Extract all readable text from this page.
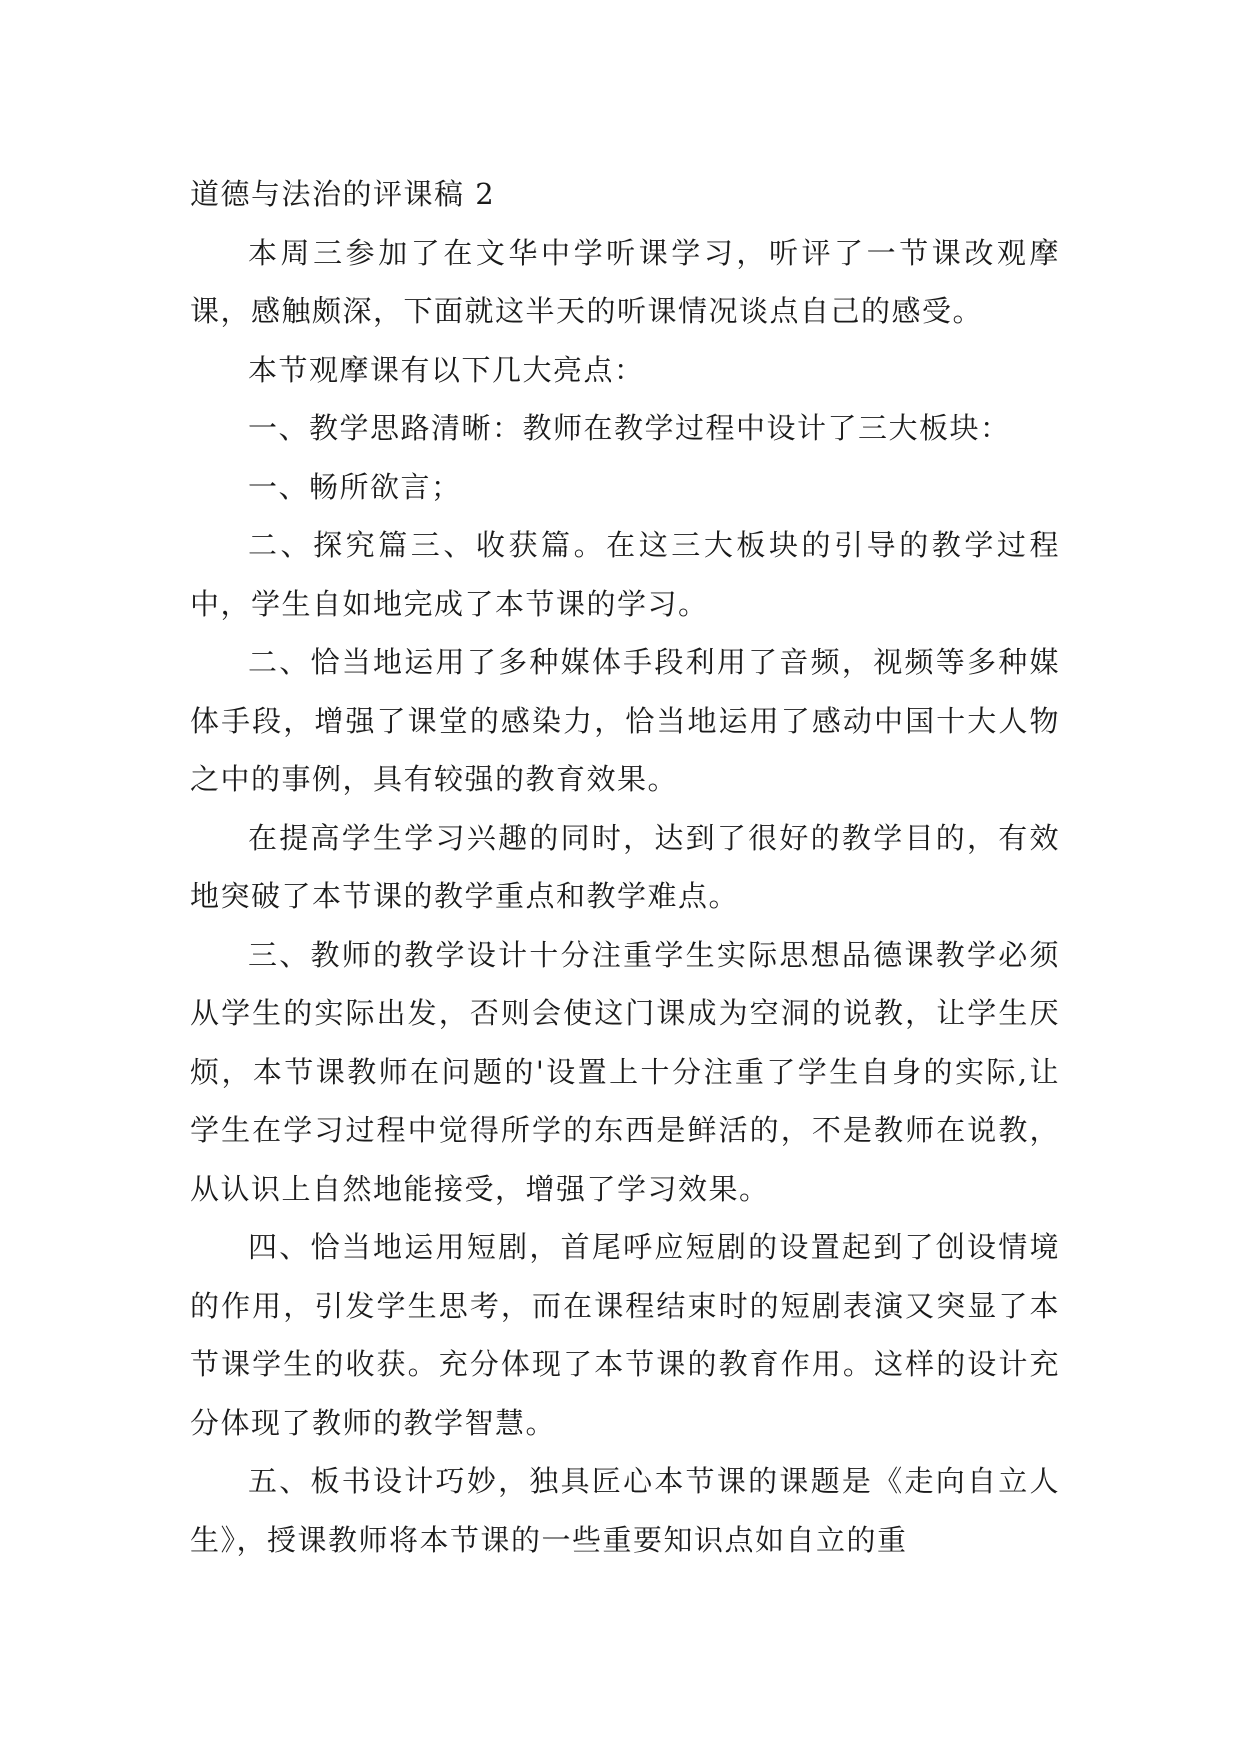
道德与法治的评课稿 2

本周三参加了在文华中学听课学习，听评了一节课改观摩课，感触颇深，下面就这半天的听课情况谈点自己的感受。

本节观摩课有以下几大亮点：

一、教学思路清晰：教师在教学过程中设计了三大板块：

一、畅所欲言；

二、探究篇三、收获篇。在这三大板块的引导的教学过程中，学生自如地完成了本节课的学习。

二、恰当地运用了多种媒体手段利用了音频，视频等多种媒体手段，增强了课堂的感染力，恰当地运用了感动中国十大人物之中的事例，具有较强的教育效果。

在提高学生学习兴趣的同时，达到了很好的教学目的，有效地突破了本节课的教学重点和教学难点。

三、教师的教学设计十分注重学生实际思想品德课教学必须从学生的实际出发，否则会使这门课成为空洞的说教，让学生厌烦，本节课教师在问题的'设置上十分注重了学生自身的实际,让学生在学习过程中觉得所学的东西是鲜活的，不是教师在说教，从认识上自然地能接受，增强了学习效果。

四、恰当地运用短剧，首尾呼应短剧的设置起到了创设情境的作用，引发学生思考，而在课程结束时的短剧表演又突显了本节课学生的收获。充分体现了本节课的教育作用。这样的设计充分体现了教师的教学智慧。

五、板书设计巧妙，独具匠心本节课的课题是《走向自立人生》，授课教师将本节课的一些重要知识点如自立的重
